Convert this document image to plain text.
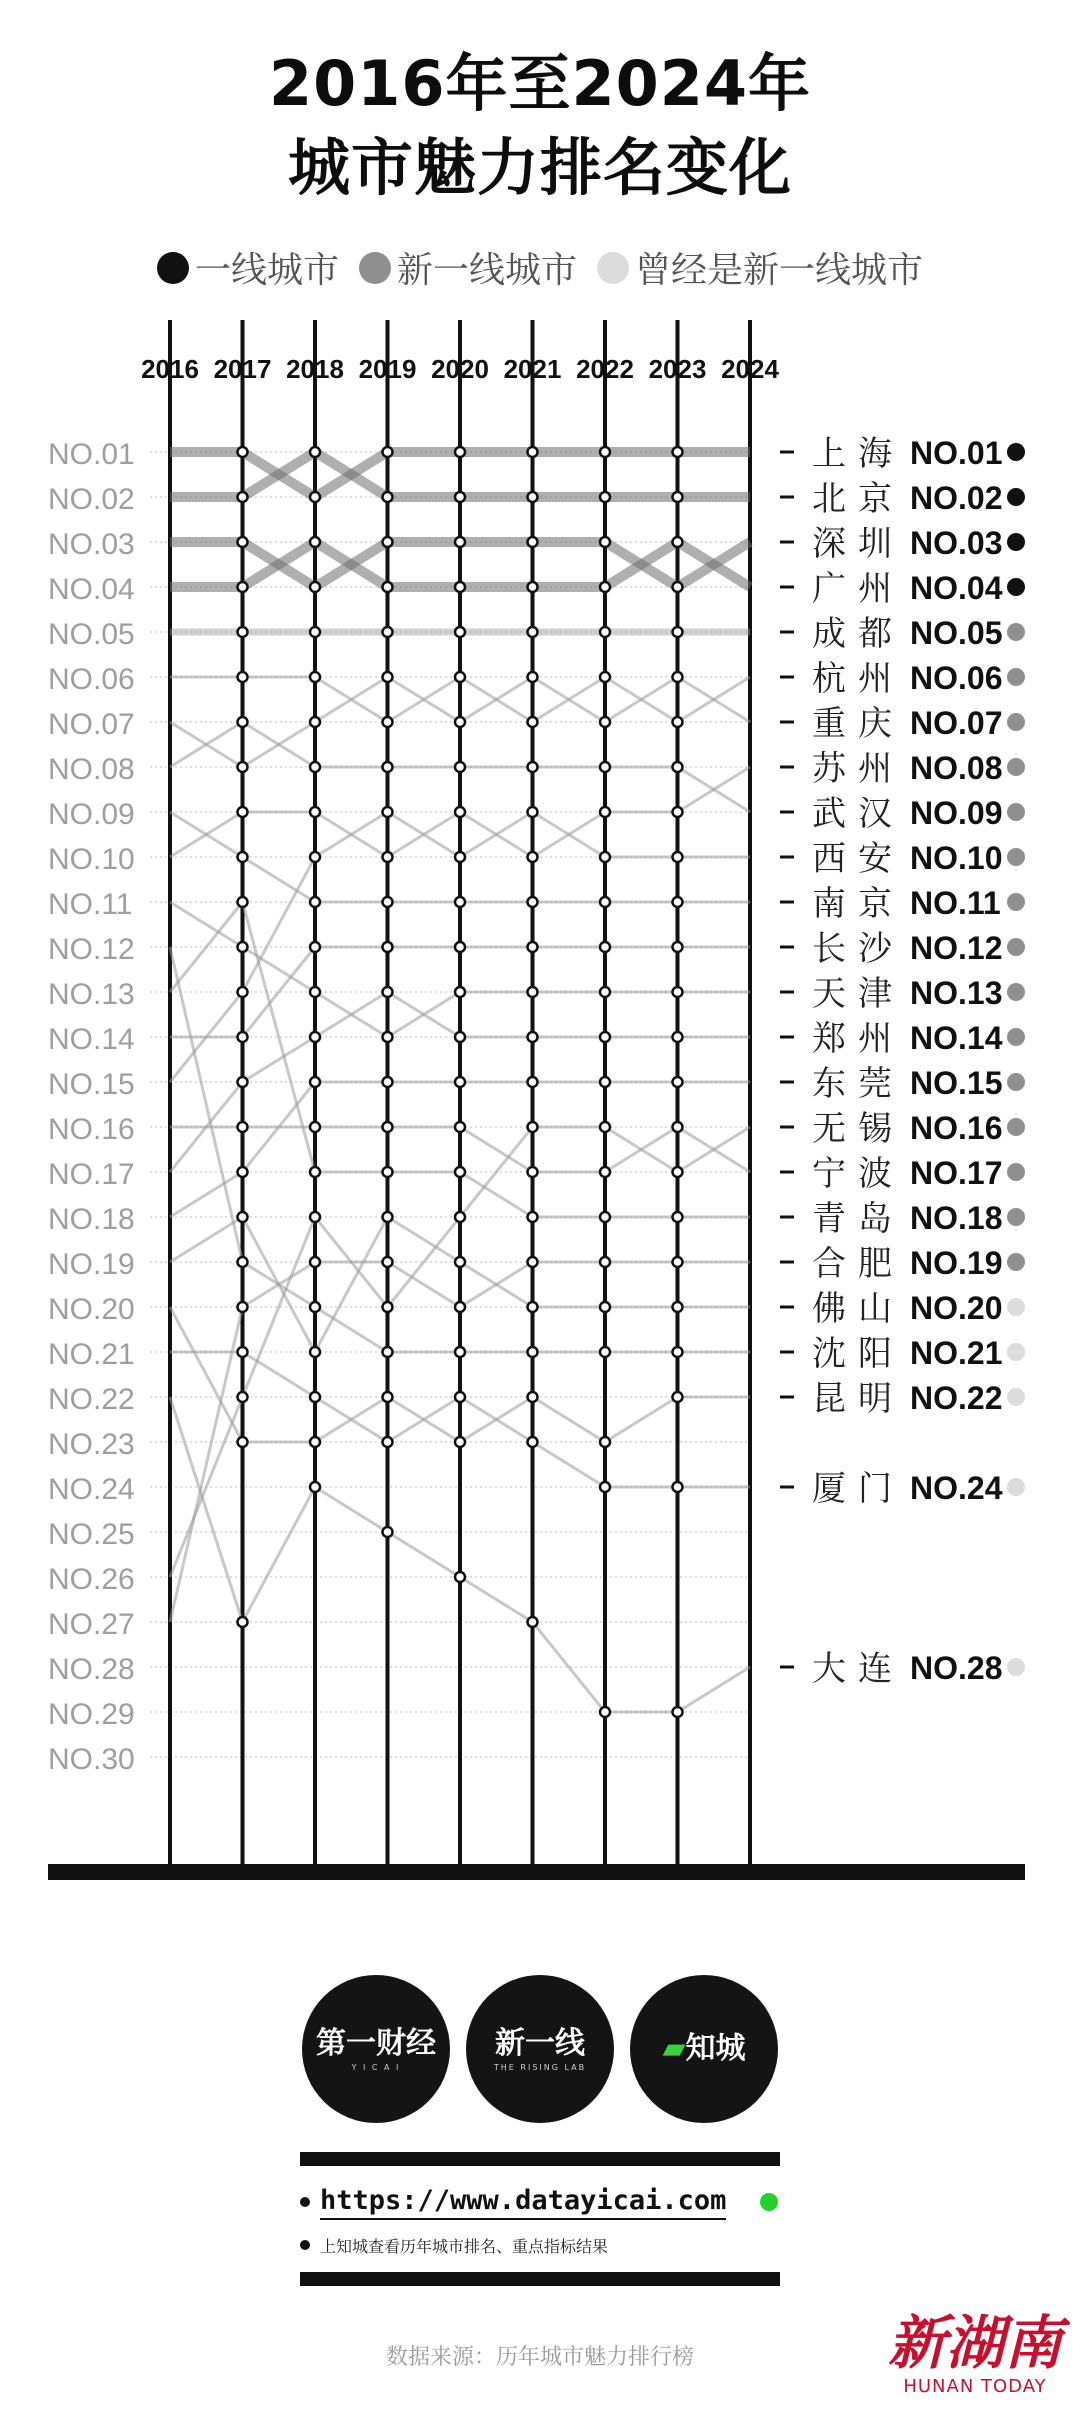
2016年至2024年
城市魅力排名变化
一线城市 新一线城市 曾经是新一线城市
NO.01
NO.02
NO.03
NO.04
NO.05
NO.06
NO.07
NO.08
NO.09
NO.10
NO.11
NO.12
NO.13
NO.14
NO.15
NO.16
NO.17
NO.18
NO.19
NO.20
NO.21
NO.22
NO.23
NO.24
NO.25
NO.26
NO.27
NO.28
NO.29
NO.30
2016 2017 2018 2019 2020 2021 2022 2023 2024
上海 NO.01
北京 NO.02
深圳 NO.03
广州 NO.04
成都 NO.05
杭州 NO.06
重庆 NO.07
苏州 NO.08
武汉 NO.09
西安 NO.10
南京 NO.11
长沙 NO.12
天津 NO.13
郑州 NO.14
东莞 NO.15
无锡 NO.16
宁波 NO.17
青岛 NO.18
合肥 NO.19
佛山 NO.20
沈阳 NO.21
昆明 NO.22
厦门 NO.24
大连 NO.28
第一财经
Y I C A I
新一线
THE RISING LAB
▰知城
https://www.datayicai.com
上知城查看历年城市排名、重点指标结果
数据来源：历年城市魅力排行榜	新湖南
HUNAN TODAY
